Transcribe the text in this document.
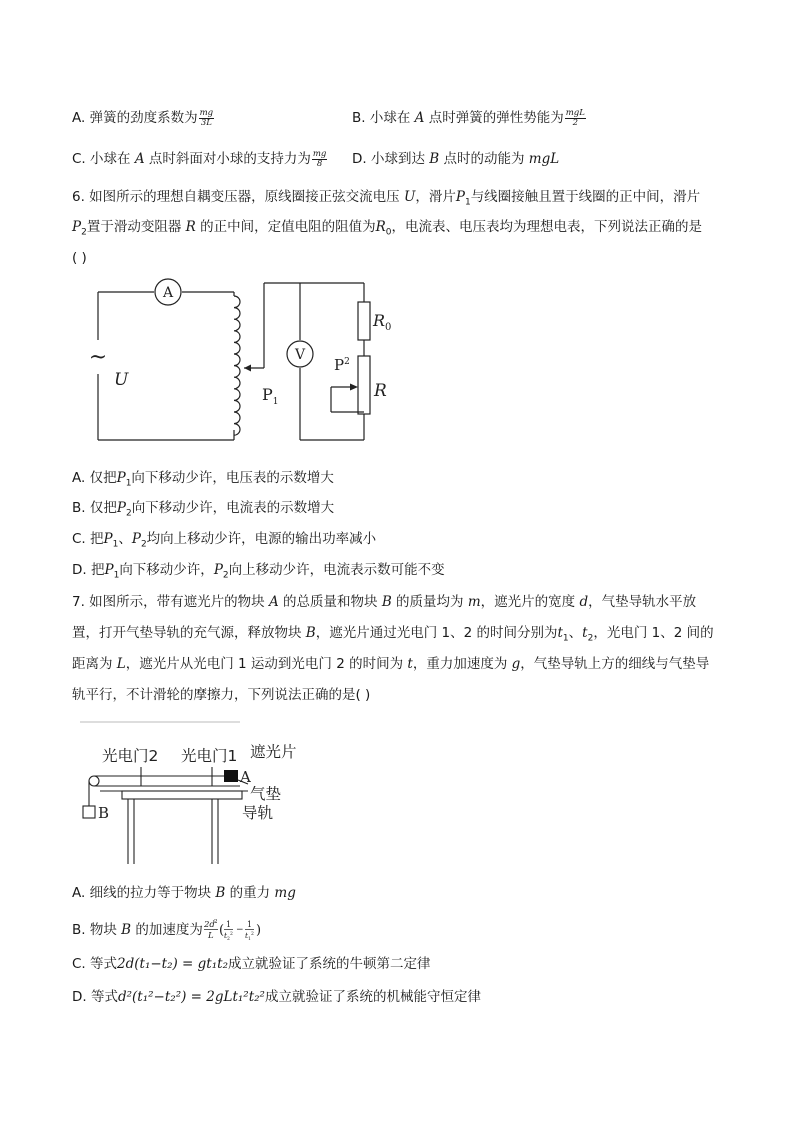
A. 弹簧的劲度系数为 $\frac{mg}{3L}$	B. 小球在 A 点时弹簧的弹性势能为 $\frac{\text{mgL}}{2}$
C. 小球在 A 点时斜面对小球的支持力为 $\frac{mg}{8} D$. 小球到达 B 点时的动能为 mgL
6. 如图所示的理想自耦变压器，原线圈接正弦交流电压 U，滑片$P_1$与线圈接触且置于线圈的正中间，滑片
$P_2$置于滑动变阻器 R 的正中间，定值电阻的阻值为$R_0$，电流表、电压表均为理想电表，下列说法正确的是
( )
A
V
~
U
$R_0$
$P^2$
R
$P_1$
A. 仅把$P_1$向下移动少许，电压表的示数增大
B. 仅把$P_2$向下移动少许，电流表的示数增大
C. 把$P_1$、$P_2$均向上移动少许，电源的输出功率减小
D. 把$P_1$向下移动少许，$P_2$向上移动少许，电流表示数可能不变
7. 如图所示，带有遮光片的物块 A 的总质量和物块 B 的质量均为 m，遮光片的宽度 d，气垫导轨水平放
置，打开气垫导轨的充气源，释放物块 B，遮光片通过光电门 1、2 的时间分别为$t_1$、$t_2$，光电门 1、2 间的
距离为 L，遮光片从光电门 1 运动到光电门 2 的时间为 t，重力加速度为 g，气垫导轨上方的细线与气垫导
轨平行，不计滑轮的摩擦力，下列说法正确的是( )
光电门2 光电门1 遮光片
A
气垫
导轨
B
A. 细线的拉力等于物块 B 的重力 mg
B. 物块 B 的加速度为 2d 2
L ( 1
t 2
2 −
1
t 1
2 )
C. 等式2d(t₁−t₂) = gt₁t₂成立就验证了系统的牛顿第二定律
D. 等式d²(t₁²−t₂²) = 2gLt₁²t₂²成立就验证了系统的机械能守恒定律
